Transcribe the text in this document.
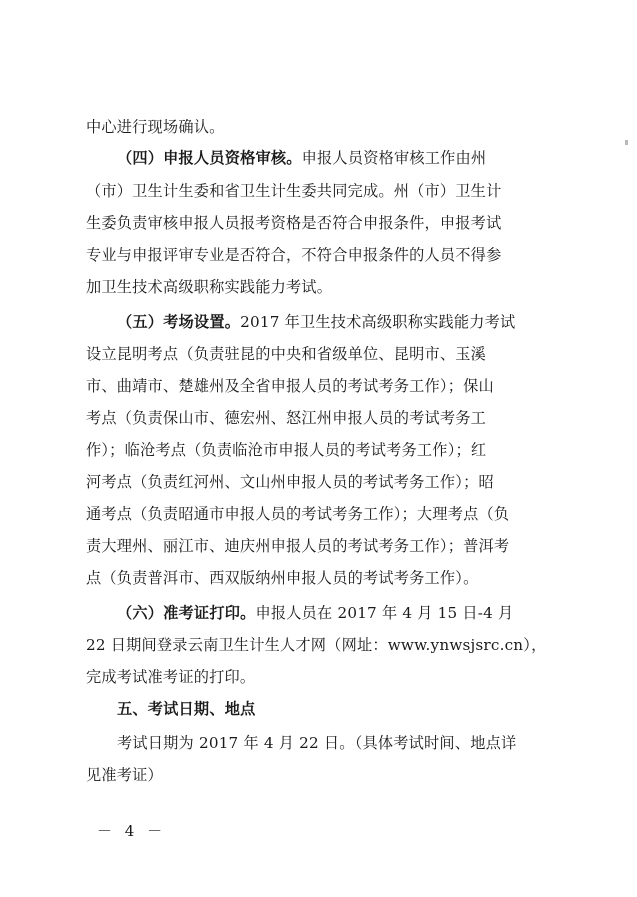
中心进行现场确认。
（四）申报人员资格审核。申报人员资格审核工作由州
（市）卫生计生委和省卫生计生委共同完成。州（市）卫生计
生委负责审核申报人员报考资格是否符合申报条件，申报考试
专业与申报评审专业是否符合，不符合申报条件的人员不得参
加卫生技术高级职称实践能力考试。
（五）考场设置。2017 年卫生技术高级职称实践能力考试
设立昆明考点（负责驻昆的中央和省级单位、昆明市、玉溪
市、曲靖市、楚雄州及全省申报人员的考试考务工作）；保山
考点（负责保山市、德宏州、怒江州申报人员的考试考务工
作）；临沧考点（负责临沧市申报人员的考试考务工作）；红
河考点（负责红河州、文山州申报人员的考试考务工作）；昭
通考点（负责昭通市申报人员的考试考务工作）；大理考点（负
责大理州、丽江市、迪庆州申报人员的考试考务工作）；普洱考
点（负责普洱市、西双版纳州申报人员的考试考务工作）。
（六）准考证打印。申报人员在 2017 年 4 月 15 日-4 月
22 日期间登录云南卫生计生人才网（网址：www.ynwsjsrc.cn），
完成考试准考证的打印。
五、考试日期、地点
考试日期为 2017 年 4 月 22 日。（具体考试时间、地点详
见准考证）
－ 4 －
